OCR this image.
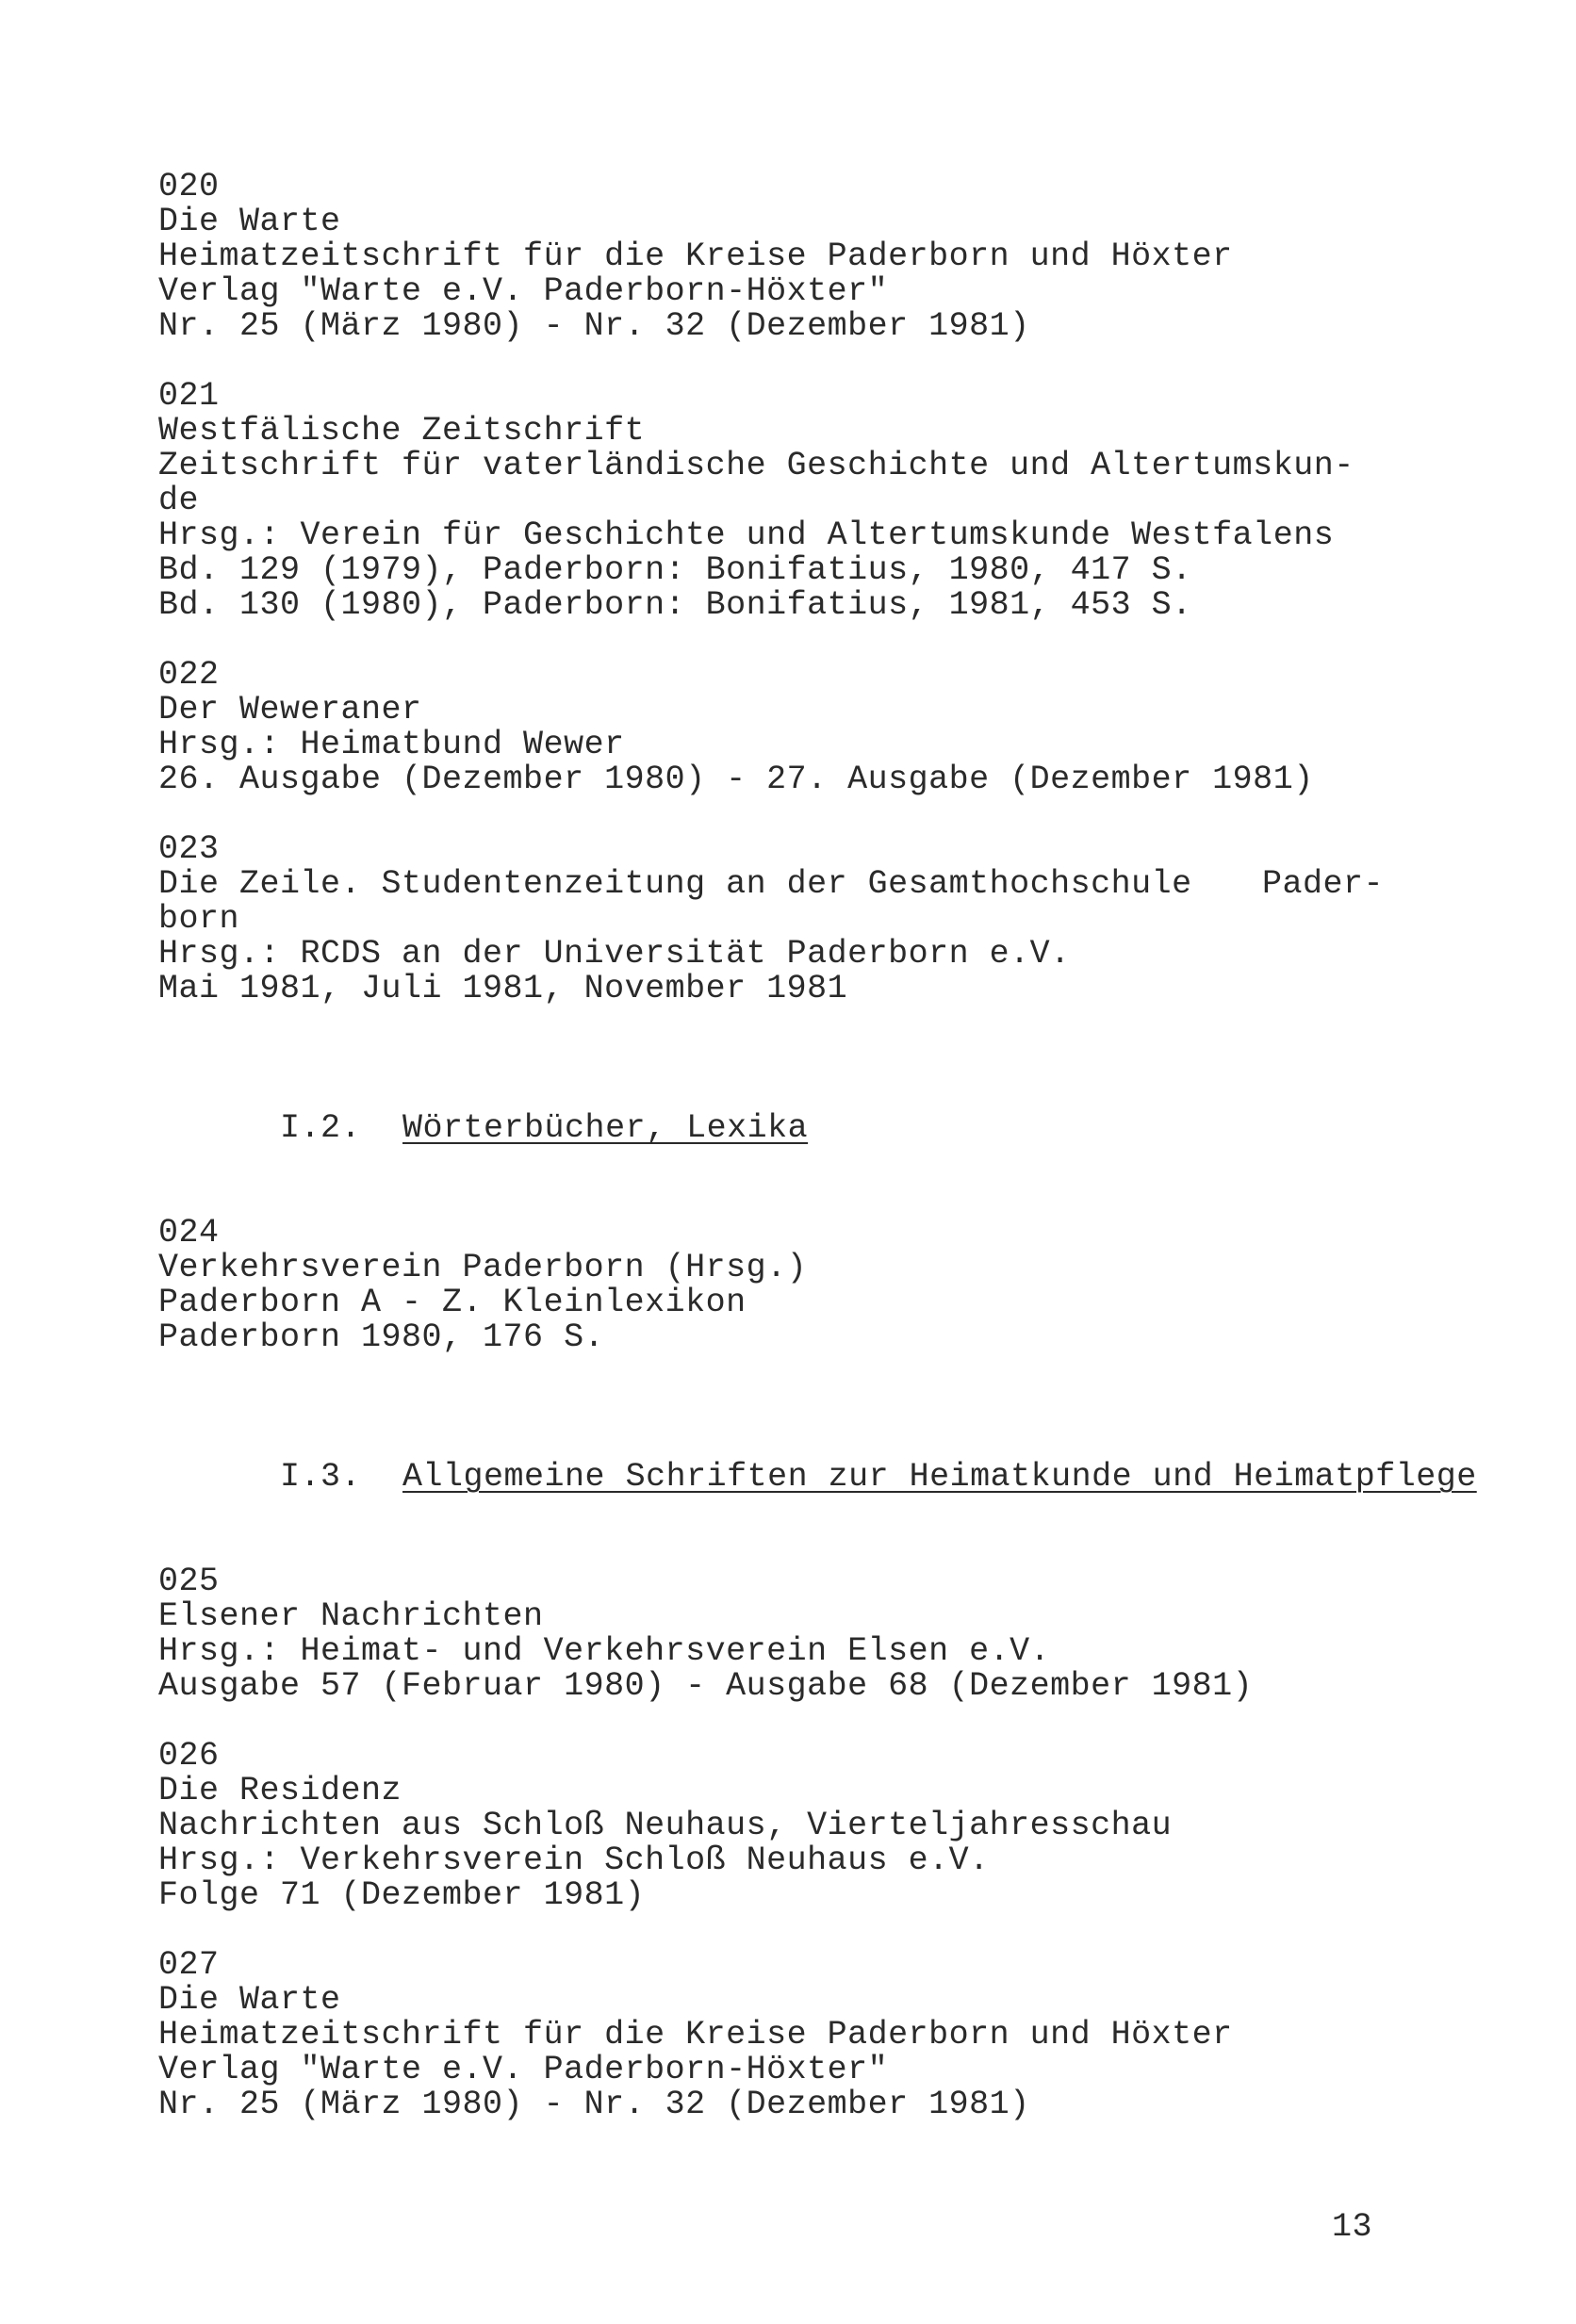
020

Die Warte

Heimatzeitschrift für die Kreise Paderborn und Höxter

Verlag "Warte e.V. Paderborn-Höxter"

Nr. 25 (März 1980) - Nr. 32 (Dezember 1981)

021

Westfälische Zeitschrift

Zeitschrift für vaterländische Geschichte und Altertumskun-

de

Hrsg.: Verein für Geschichte und Altertumskunde Westfalens

Bd. 129 (1979), Paderborn: Bonifatius, 1980, 417 S.

Bd. 130 (1980), Paderborn: Bonifatius, 1981, 453 S.

022

Der Weweraner

Hrsg.: Heimatbund Wewer

26. Ausgabe (Dezember 1980) - 27. Ausgabe (Dezember 1981)

023

Die Zeile. Studentenzeitung an der Gesamthochschule Pader-

born

Hrsg.: RCDS an der Universität Paderborn e.V.

Mai 1981, Juli 1981, November 1981

I.2. Wörterbücher, Lexika

024

Verkehrsverein Paderborn (Hrsg.)

Paderborn A - Z. Kleinlexikon

Paderborn 1980, 176 S.

I.3. Allgemeine Schriften zur Heimatkunde und Heimatpflege

025

Elsener Nachrichten

Hrsg.: Heimat- und Verkehrsverein Elsen e.V.

Ausgabe 57 (Februar 1980) - Ausgabe 68 (Dezember 1981)

026

Die Residenz

Nachrichten aus Schloß Neuhaus, Vierteljahresschau

Hrsg.: Verkehrsverein Schloß Neuhaus e.V.

Folge 71 (Dezember 1981)

027

Die Warte

Heimatzeitschrift für die Kreise Paderborn und Höxter

Verlag "Warte e.V. Paderborn-Höxter"

Nr. 25 (März 1980) - Nr. 32 (Dezember 1981)

13
